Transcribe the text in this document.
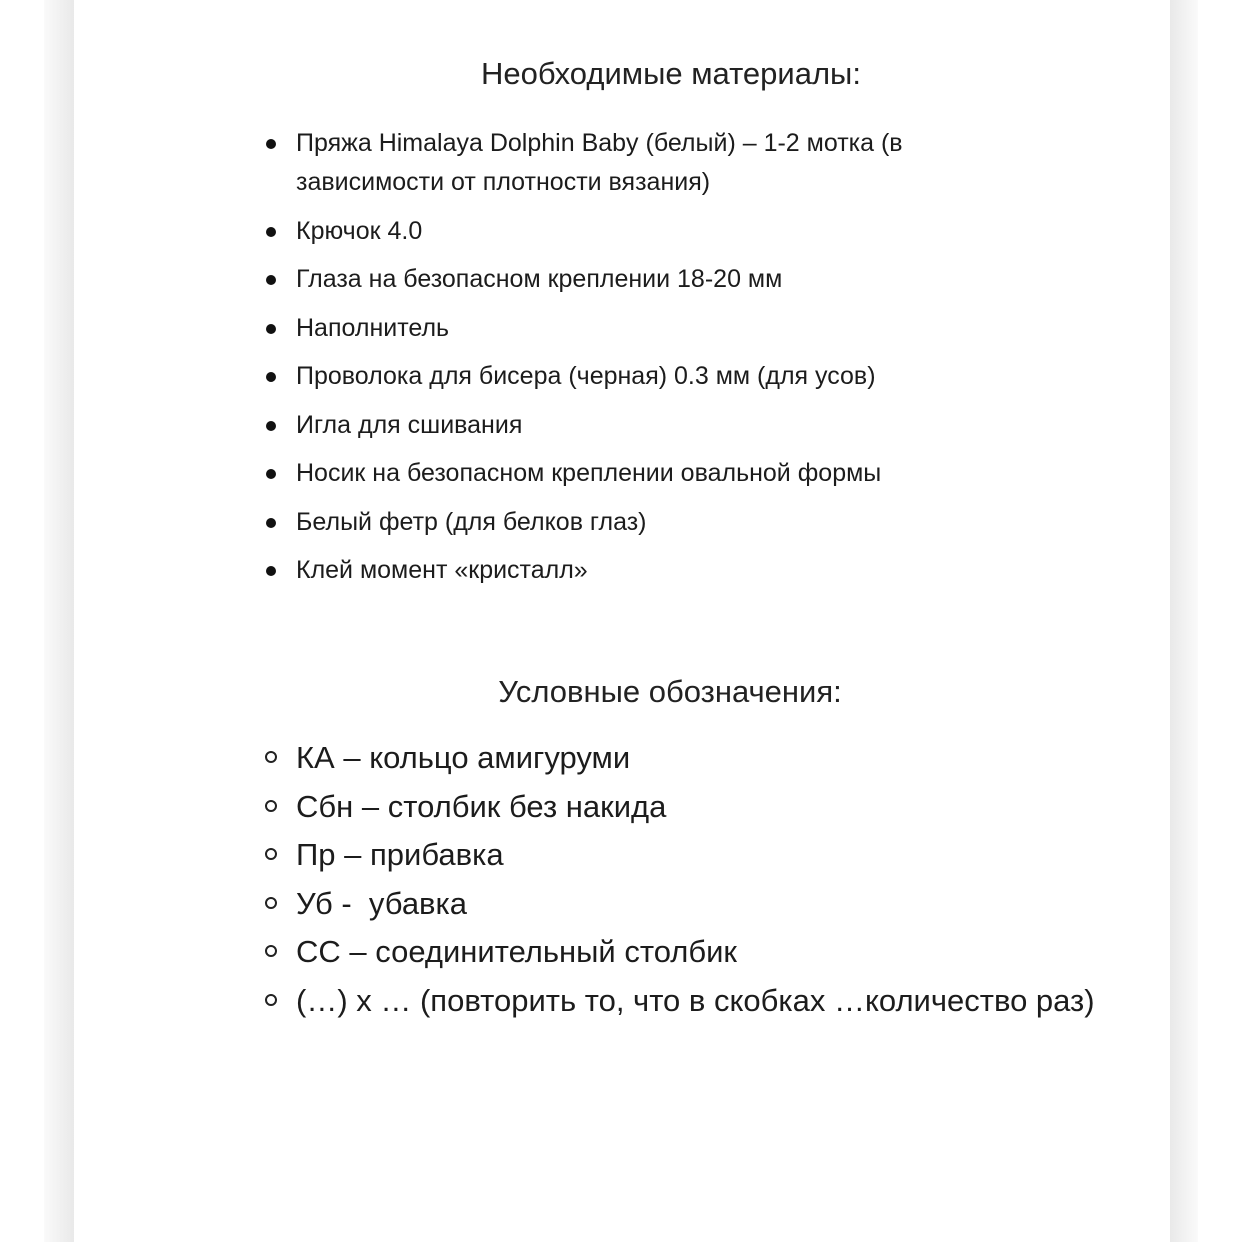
Необходимые материалы:
Пряжа Himalaya Dolphin Baby (белый) – 1-2 мотка (в зависимости от плотности вязания)
Крючок 4.0
Глаза на безопасном креплении 18-20 мм
Наполнитель
Проволока для бисера (черная) 0.3 мм (для усов)
Игла для сшивания
Носик на безопасном креплении овальной формы
Белый фетр (для белков глаз)
Клей момент «кристалл»
Условные обозначения:
КА – кольцо амигуруми
Сбн – столбик без накида
Пр – прибавка
Уб -  убавка
СС – соединительный столбик
(…) x … (повторить то, что в скобках …количество раз)
